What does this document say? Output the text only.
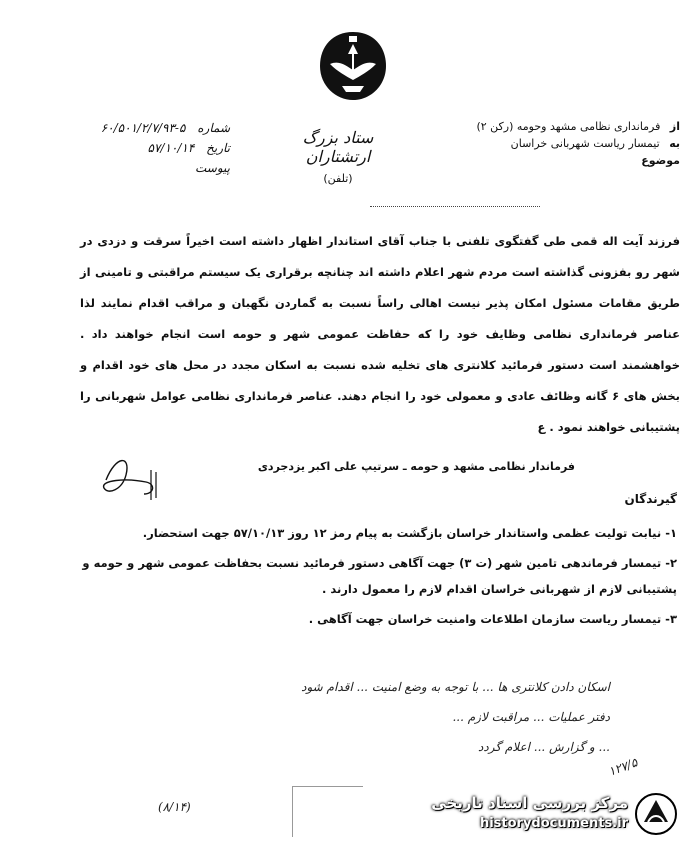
از فرمانداری نظامی مشهد وحومه (رکن ۲)
به تیمسار ریاست شهربانی خراسان
موضوع
ستاد بزرگ ارتشتاران
(تلفن)
شماره ۵-۶۰/۵۰۱/۲/۷/۹۳
تاریخ ۵۷/۱۰/۱۴
پیوست

فرزند آیت اله قمی طی گفتگوی تلفنی با جناب آقای استاندار اظهار داشته است اخیراً سرقت و دزدی در شهر رو بفزونی گذاشته است مردم شهر اعلام داشته اند چنانچه برقراری یک سیستم مراقبتی و تامینی از طریق مقامات مسئول امکان پذیر نیست اهالی راساً نسبت به گماردن نگهبان و مراقب اقدام نمایند لذا عناصر فرمانداری نظامی وظایف خود را که حفاظت عمومی شهر و حومه است انجام خواهند داد . خواهشمند است دستور فرمائید کلانتری های تخلیه شده نسبت به اسکان مجدد در محل های خود اقدام و بخش های ۶ گانه وظائف عادی و معمولی خود را انجام دهند. عناصر فرمانداری نظامی عوامل شهربانی را پشتیبانی خواهند نمود . ع

فرماندار نظامی مشهد و حومه ـ سرتیپ علی اکبر یزدجردی
گیرندگان
۱- نیابت تولیت عظمی واستاندار خراسان بازگشت به پیام رمز ۱۲ روز ۵۷/۱۰/۱۳ جهت استحضار.
۲- تیمسار فرماندهی تامین شهر (ت ۳) جهت آگاهی دستور فرمائید نسبت بحفاظت عمومی شهر و حومه و پشتیبانی لازم از شهربانی خراسان اقدام لازم را معمول دارند .
۳- تیمسار ریاست سازمان اطلاعات وامنیت خراسان جهت آگاهی .
اسکان دادن کلانتری ها ... با توجه به وضع امنیت ... اقدام شود
دفتر عملیات ... مراقبت لازم ...
... و گزارش ... اعلام گردد
۱۲۷/۵
(۸/۱۴)	مرکز بررسی اسناد تاریخی
historydocuments.ir
